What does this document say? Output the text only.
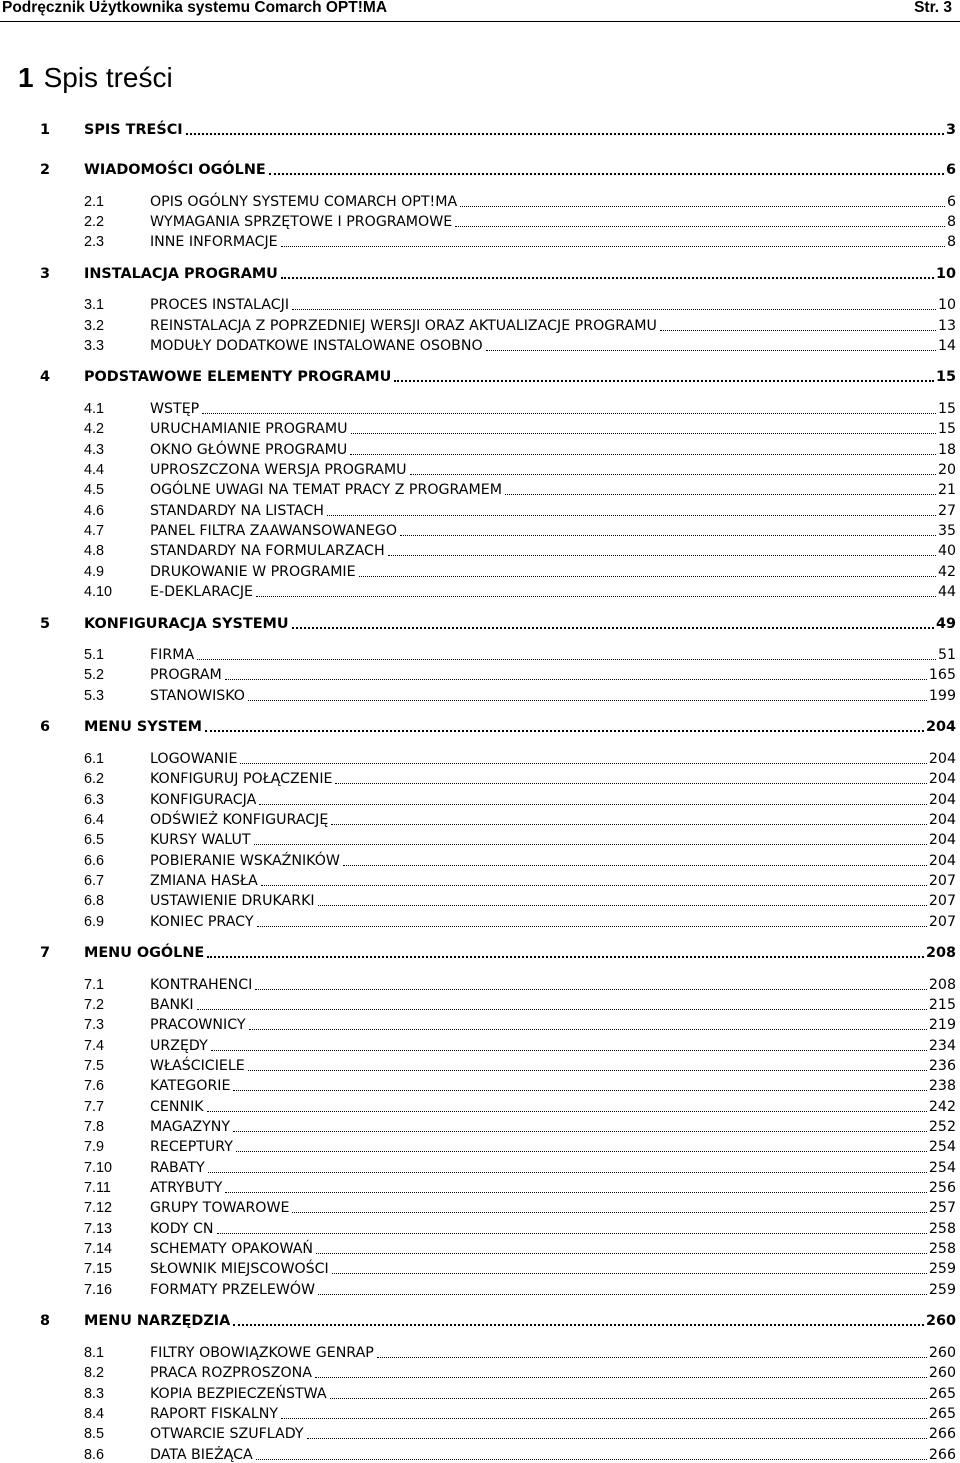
Podręcznik Użytkownika systemu Comarch OPT!MA	Str. 3
1 Spis treści
1	SPIS TREŚCI	3
2	WIADOMOŚCI OGÓLNE	6
2.1	OPIS OGÓLNY SYSTEMU COMARCH OPT!MA	6
2.2	WYMAGANIA SPRZĘTOWE I PROGRAMOWE	8
2.3	INNE INFORMACJE	8
3	INSTALACJA PROGRAMU	10
3.1	PROCES INSTALACJI	10
3.2	REINSTALACJA Z POPRZEDNIEJ WERSJI ORAZ AKTUALIZACJE PROGRAMU	13
3.3	MODUŁY DODATKOWE INSTALOWANE OSOBNO	14
4	PODSTAWOWE ELEMENTY PROGRAMU	15
4.1	WSTĘP	15
4.2	URUCHAMIANIE PROGRAMU	15
4.3	OKNO GŁÓWNE PROGRAMU	18
4.4	UPROSZCZONA WERSJA PROGRAMU	20
4.5	OGÓLNE UWAGI NA TEMAT PRACY Z PROGRAMEM	21
4.6	STANDARDY NA LISTACH	27
4.7	PANEL FILTRA ZAAWANSOWANEGO	35
4.8	STANDARDY NA FORMULARZACH	40
4.9	DRUKOWANIE W PROGRAMIE	42
4.10	E-DEKLARACJE	44
5	KONFIGURACJA SYSTEMU	49
5.1	FIRMA	51
5.2	PROGRAM	165
5.3	STANOWISKO	199
6	MENU SYSTEM	204
6.1	LOGOWANIE	204
6.2	KONFIGURUJ POŁĄCZENIE	204
6.3	KONFIGURACJA	204
6.4	ODŚWIEŻ KONFIGURACJĘ	204
6.5	KURSY WALUT	204
6.6	POBIERANIE WSKAŹNIKÓW	204
6.7	ZMIANA HASŁA	207
6.8	USTAWIENIE DRUKARKI	207
6.9	KONIEC PRACY	207
7	MENU OGÓLNE	208
7.1	KONTRAHENCI	208
7.2	BANKI	215
7.3	PRACOWNICY	219
7.4	URZĘDY	234
7.5	WŁAŚCICIELE	236
7.6	KATEGORIE	238
7.7	CENNIK	242
7.8	MAGAZYNY	252
7.9	RECEPTURY	254
7.10	RABATY	254
7.11	ATRYBUTY	256
7.12	GRUPY TOWAROWE	257
7.13	KODY CN	258
7.14	SCHEMATY OPAKOWAŃ	258
7.15	SŁOWNIK MIEJSCOWOŚCI	259
7.16	FORMATY PRZELEWÓW	259
8	MENU NARZĘDZIA	260
8.1	FILTRY OBOWIĄZKOWE GENRAP	260
8.2	PRACA ROZPROSZONA	260
8.3	KOPIA BEZPIECZEŃSTWA	265
8.4	RAPORT FISKALNY	265
8.5	OTWARCIE SZUFLADY	266
8.6	DATA BIEŻĄCA	266
